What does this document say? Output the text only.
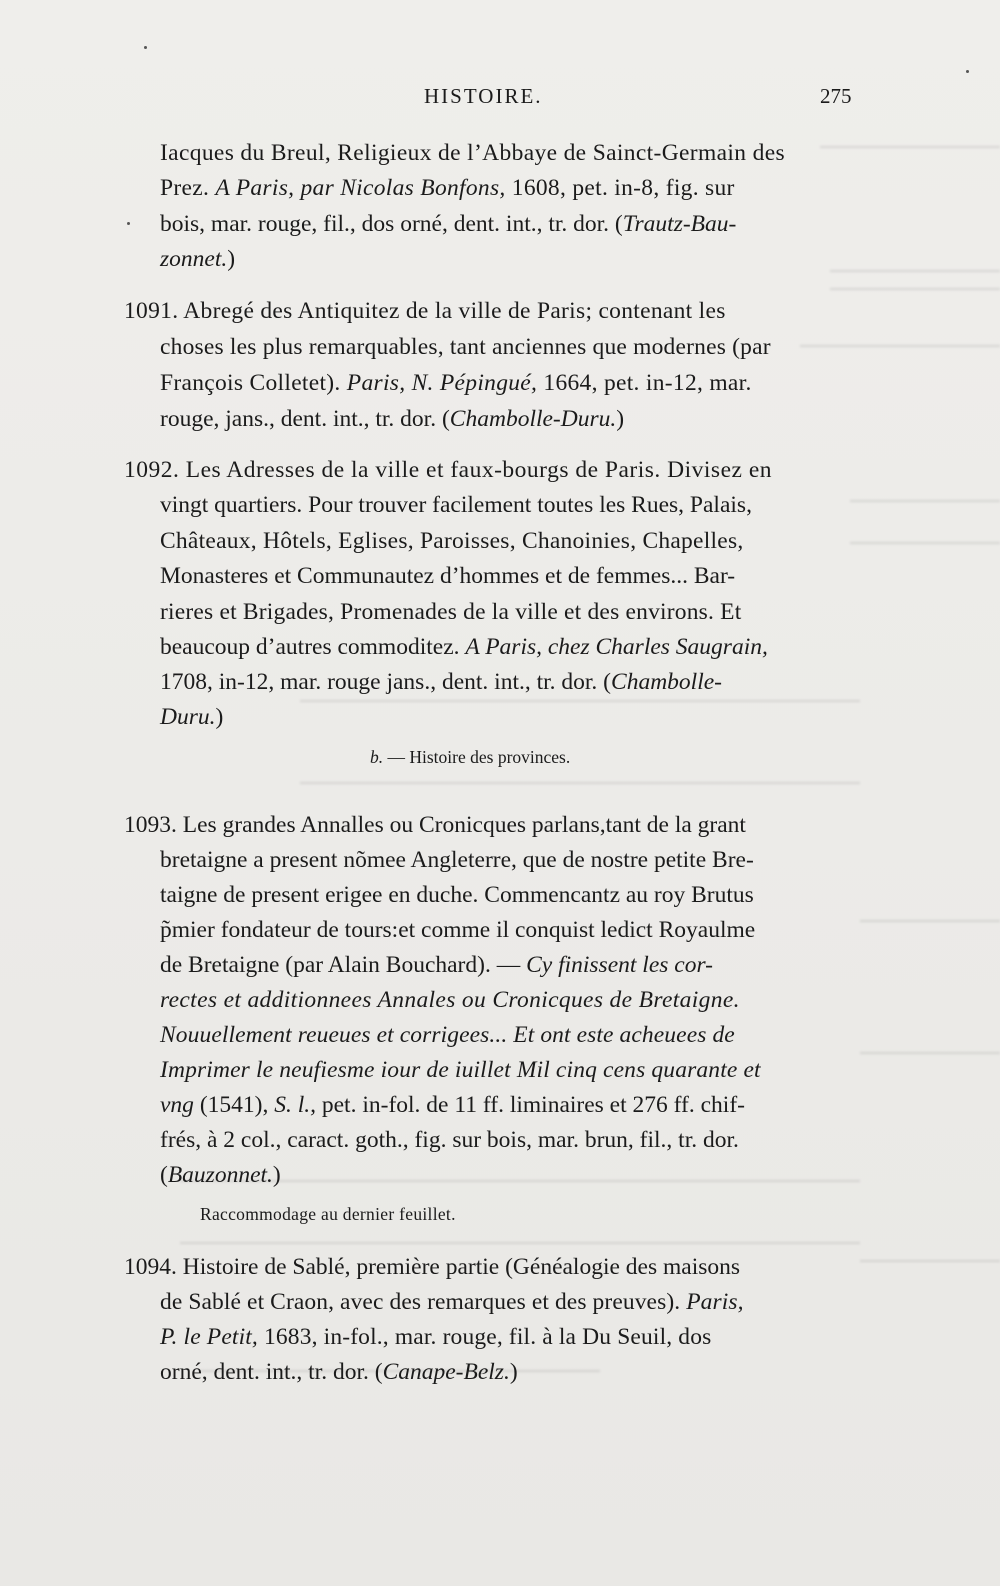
HISTOIRE.	275
Iacques du Breul, Religieux de l’Abbaye de Sainct-Germain des
Prez. A Paris, par Nicolas Bonfons, 1608, pet. in-8, fig. sur
bois, mar. rouge, fil., dos orné, dent. int., tr. dor. (Trautz-Bau-
zonnet.)
1091. Abregé des Antiquitez de la ville de Paris; contenant les
choses les plus remarquables, tant anciennes que modernes (par
François Colletet). Paris, N. Pépingué, 1664, pet. in-12, mar.
rouge, jans., dent. int., tr. dor. (Chambolle-Duru.)
1092. Les Adresses de la ville et faux-bourgs de Paris. Divisez en
vingt quartiers. Pour trouver facilement toutes les Rues, Palais,
Châteaux, Hôtels, Eglises, Paroisses, Chanoinies, Chapelles,
Monasteres et Communautez d’hommes et de femmes... Bar-
rieres et Brigades, Promenades de la ville et des environs. Et
beaucoup d’autres commoditez. A Paris, chez Charles Saugrain,
1708, in-12, mar. rouge jans., dent. int., tr. dor. (Chambolle-
Duru.)
b. — Histoire des provinces.
1093. Les grandes Annalles ou Cronicques parlans,tant de la grant
bretaigne a present nõmee Angleterre, que de nostre petite Bre-
taigne de present erigee en duche. Commencantz au roy Brutus
p̃mier fondateur de tours:et comme il conquist ledict Royaulme
de Bretaigne (par Alain Bouchard). — Cy finissent les cor-
rectes et additionnees Annales ou Cronicques de Bretaigne.
Nouuellement reueues et corrigees... Et ont este acheuees de
Imprimer le neufiesme iour de iuillet Mil cinq cens quarante et
vng (1541), S. l., pet. in-fol. de 11 ff. liminaires et 276 ff. chif-
frés, à 2 col., caract. goth., fig. sur bois, mar. brun, fil., tr. dor.
(Bauzonnet.)
Raccommodage au dernier feuillet.
1094. Histoire de Sablé, première partie (Généalogie des maisons
de Sablé et Craon, avec des remarques et des preuves). Paris,
P. le Petit, 1683, in-fol., mar. rouge, fil. à la Du Seuil, dos
orné, dent. int., tr. dor. (Canape-Belz.)
